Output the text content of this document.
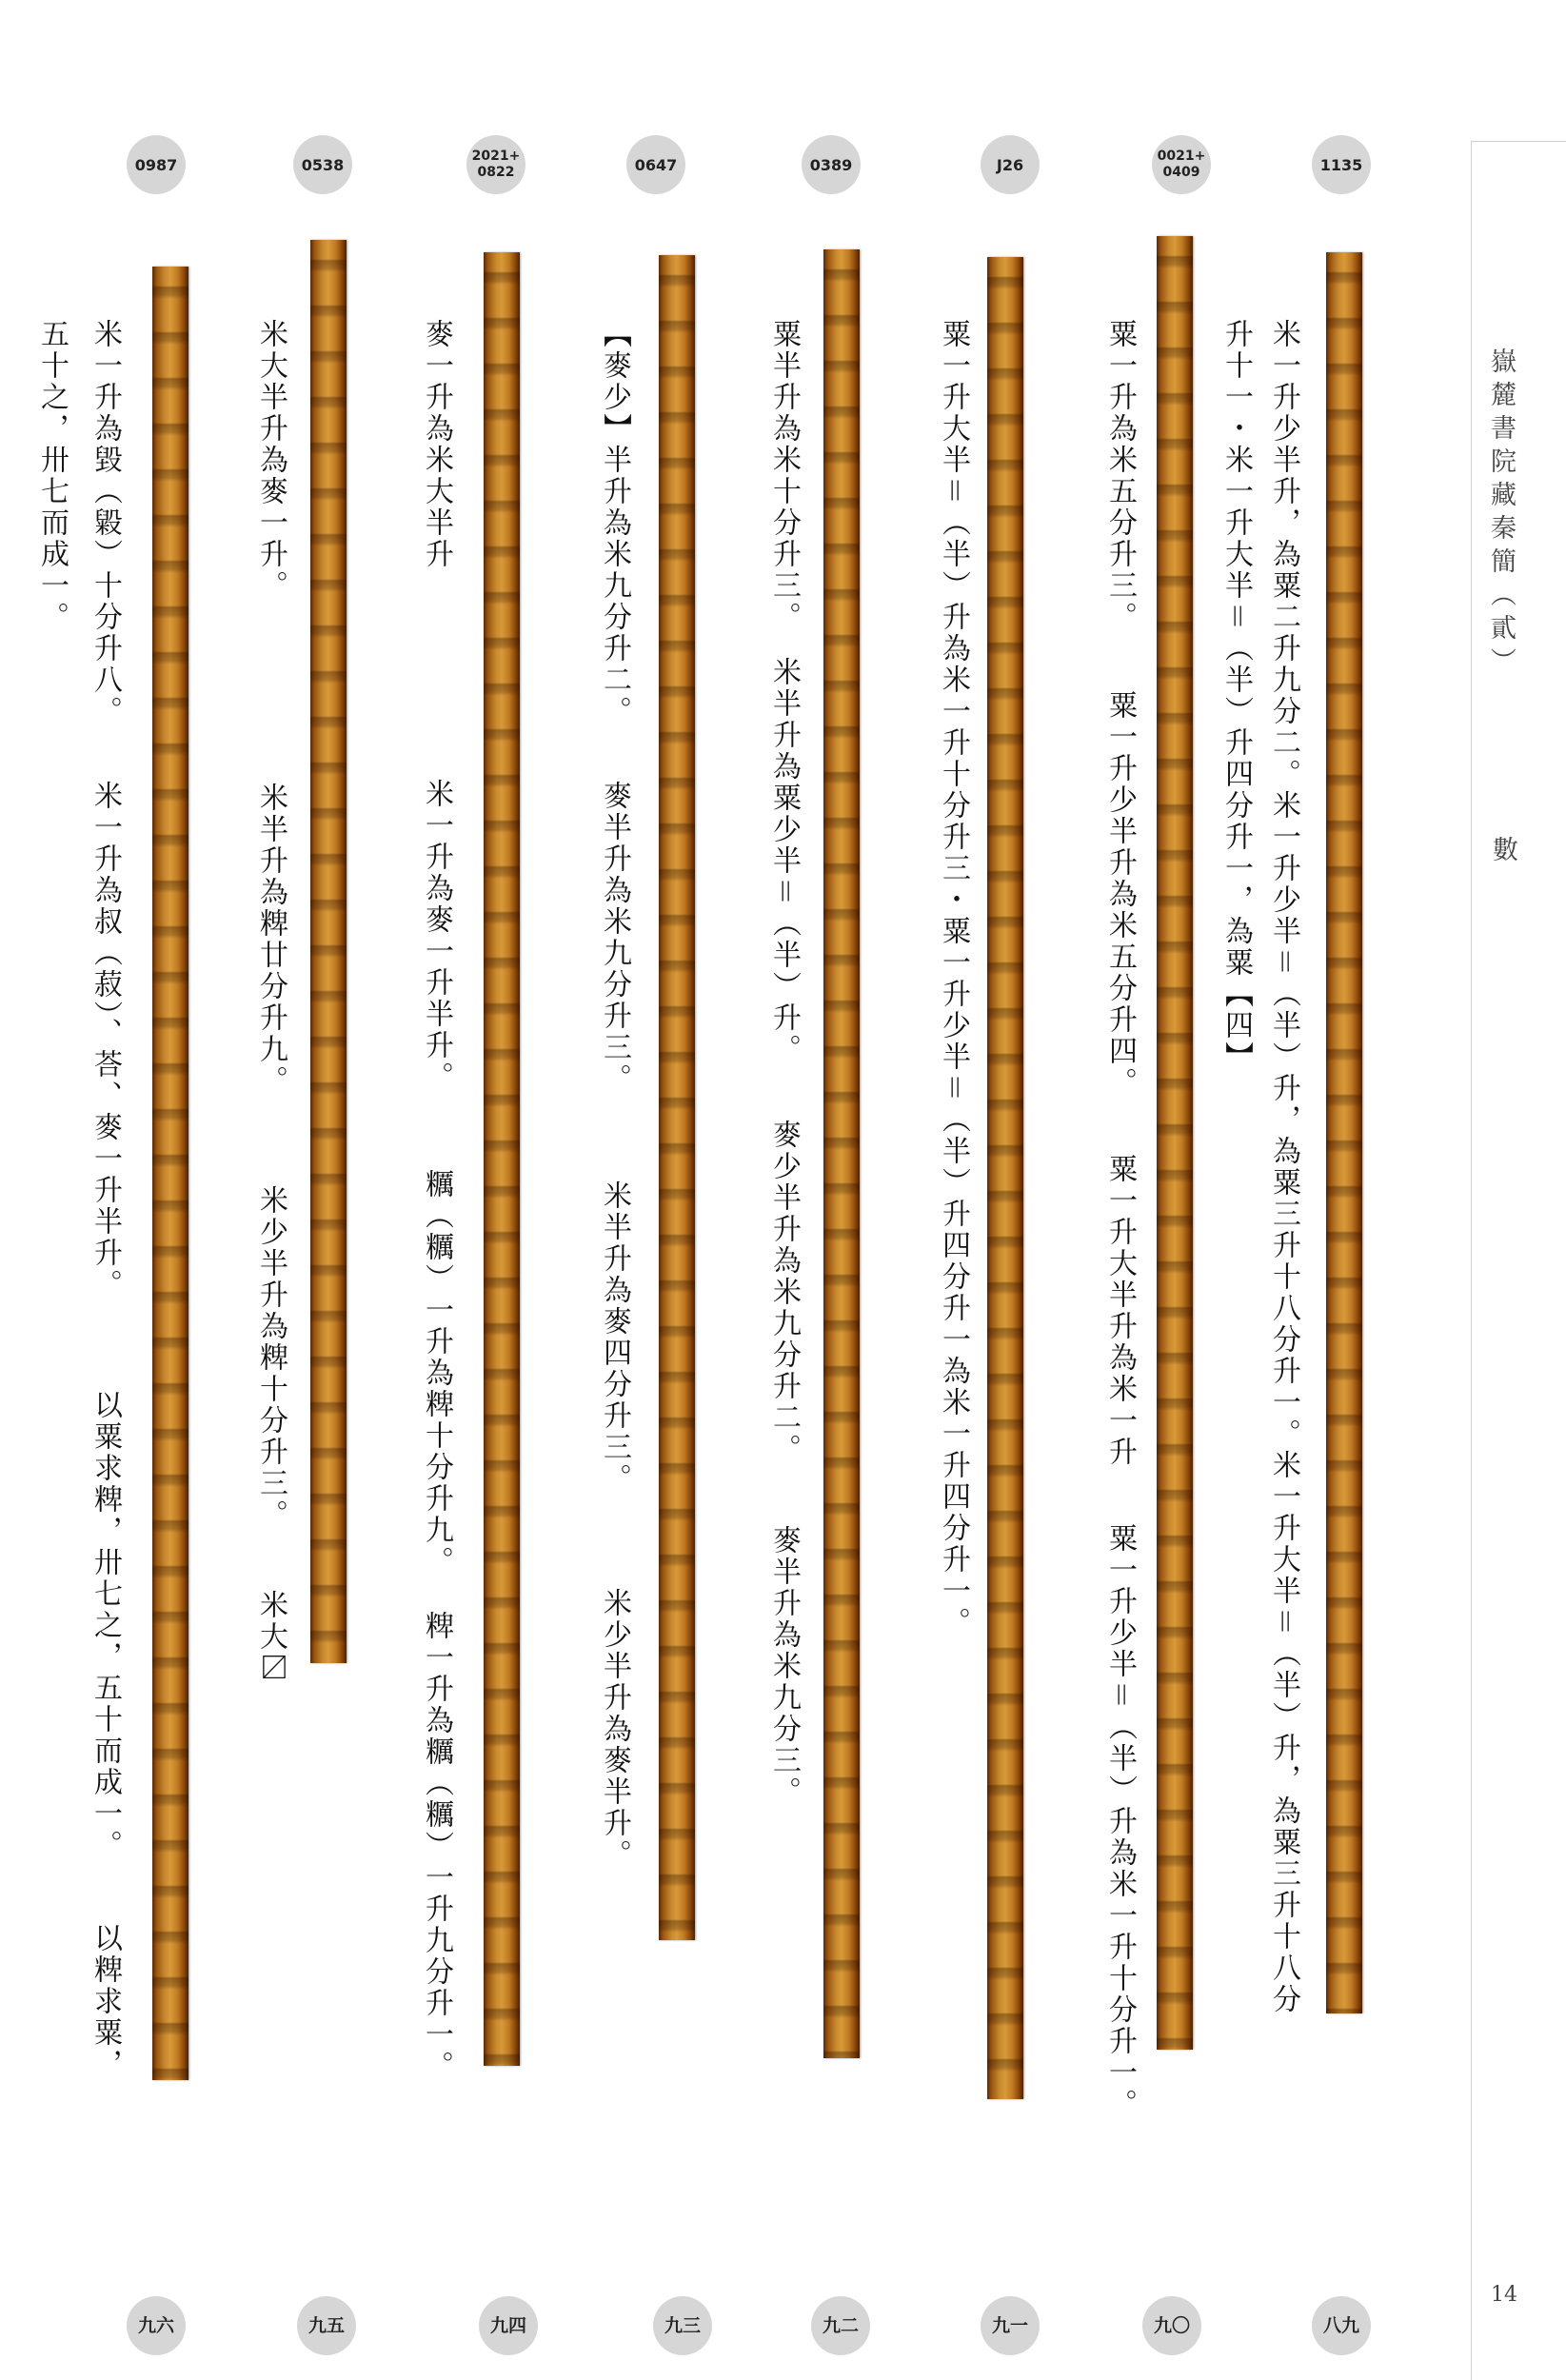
嶽麓書院藏秦簡（貳）
數
14
1135
0021+
0409
J26
0389
0647
2021+
0822
0538
0987
八九
九〇
九一
九二
九三
九四
九五
九六
米一升少半升，為粟二升九分二。米一升少半＝（半）升，為粟三升十八分升一。米一升大半＝（半）升，為粟三升十八分
升十一・米一升大半＝（半）升四分升一，為粟【四】
粟一升為米五分升三。
粟一升少半升為米五分升四。
粟一升大半升為米一升
粟一升少半＝（半）升為米一升十分升一。
粟一升大半＝（半）升為米一升十分升三・粟一升少半＝（半）升四分升一為米一升四分升一。
粟半升為米十分升三。
米半升為粟少半＝（半）升。
麥少半升為米九分升二。
麥半升為米九分三。
【麥少】半升為米九分升二。
麥半升為米九分升三。
米半升為麥四分升三。
米少半升為麥半升。
麥一升為米大半升
米一升為麥一升半升。
糲（糲）一升為粺十分升九。
粺一升為糲（糲）一升九分升一。
米大半升為麥一升。
米半升為粺廿分升九。
米少半升為粺十分升三。
米大〼
米一升為毀（毇）十分升八。
米一升為叔（菽）、荅、麥一升半升。
以粟求粺，卅七之，五十而成一。
以粺求粟，
五十之，卅七而成一。
